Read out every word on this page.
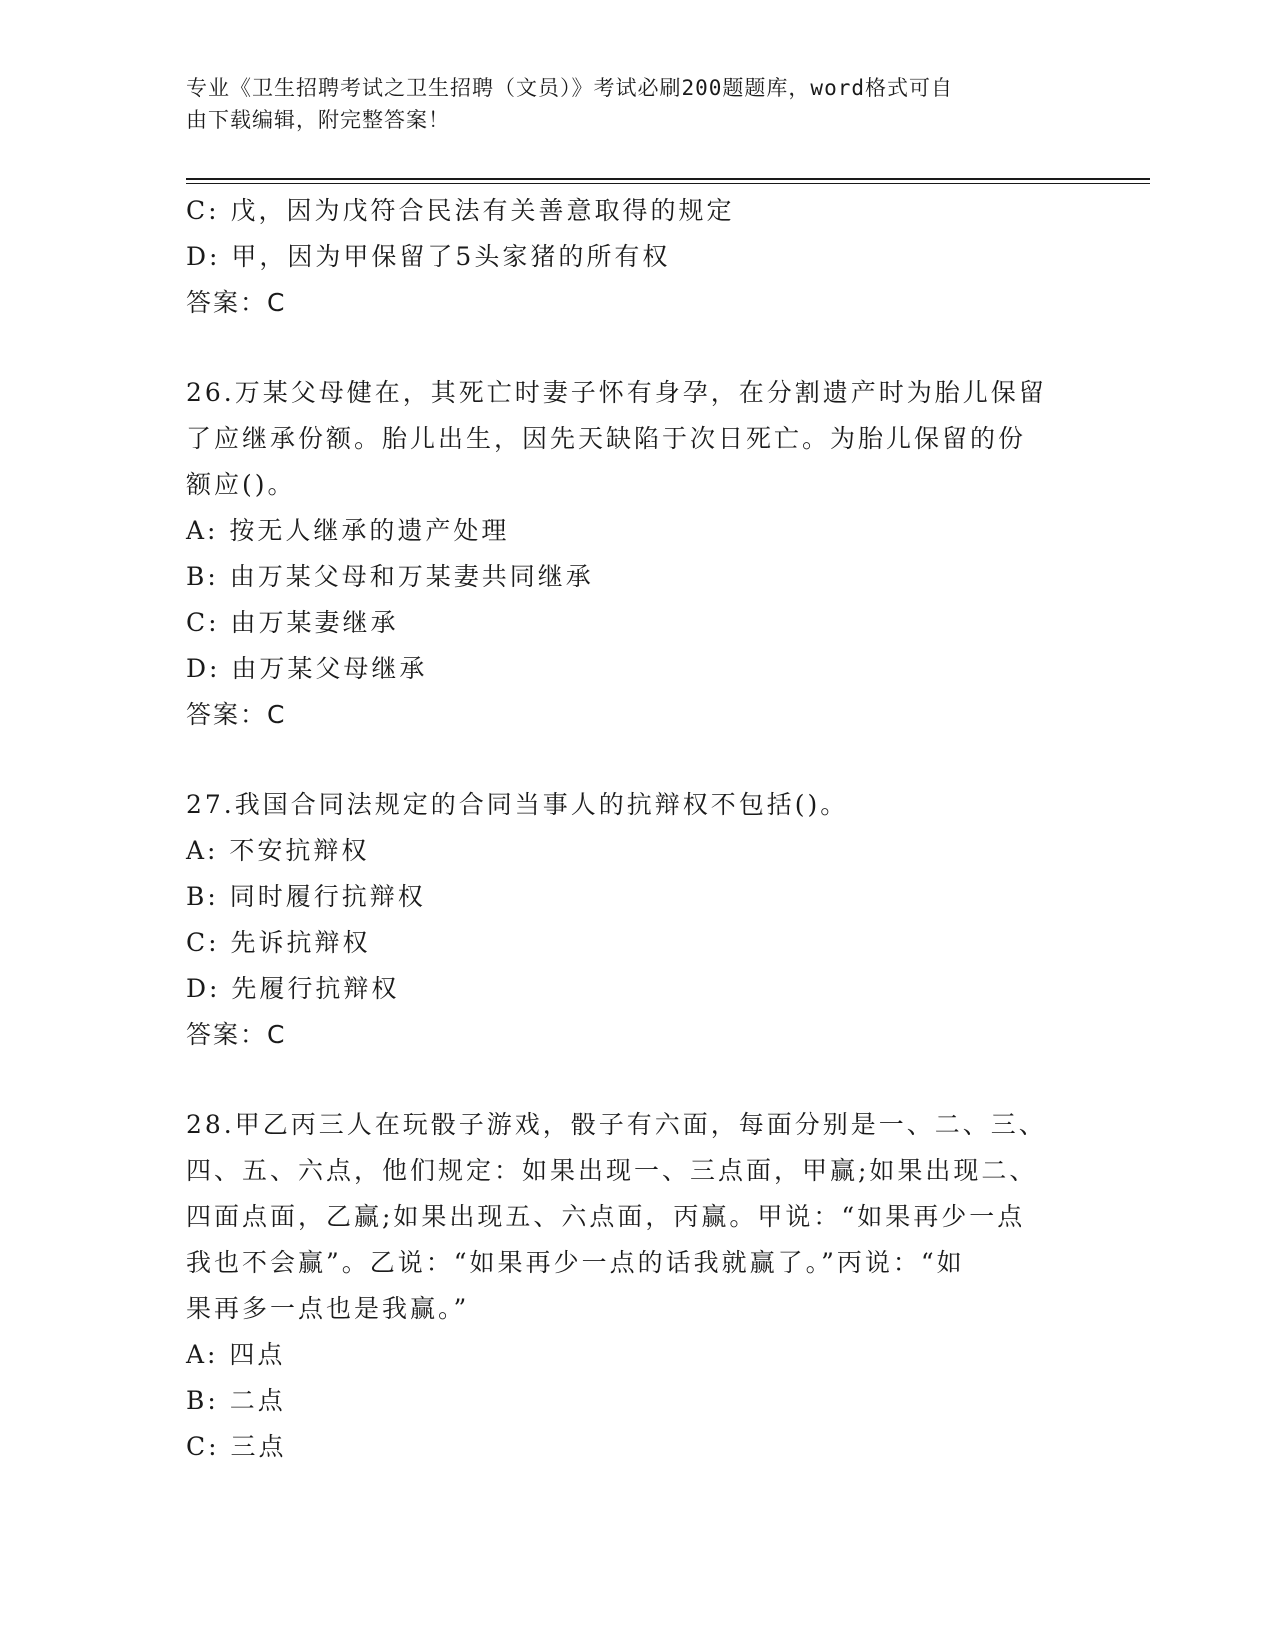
专业《卫生招聘考试之卫生招聘（文员）》考试必刷200题题库，word格式可自
由下载编辑，附完整答案！
C: 戊，因为戊符合民法有关善意取得的规定
D: 甲，因为甲保留了5头家猪的所有权
答案：C
26.万某父母健在，其死亡时妻子怀有身孕，在分割遗产时为胎儿保留
了应继承份额。胎儿出生，因先天缺陷于次日死亡。为胎儿保留的份
额应()。
A: 按无人继承的遗产处理
B: 由万某父母和万某妻共同继承
C: 由万某妻继承
D: 由万某父母继承
答案：C
27.我国合同法规定的合同当事人的抗辩权不包括()。
A: 不安抗辩权
B: 同时履行抗辩权
C: 先诉抗辩权
D: 先履行抗辩权
答案：C
28.甲乙丙三人在玩骰子游戏，骰子有六面，每面分别是一、二、三、
四、五、六点，他们规定：如果出现一、三点面，甲赢;如果出现二、
四面点面，乙赢;如果出现五、六点面，丙赢。甲说：“如果再少一点
我也不会赢”。乙说：“如果再少一点的话我就赢了。”丙说：“如
果再多一点也是我赢。”
A: 四点
B: 二点
C: 三点
